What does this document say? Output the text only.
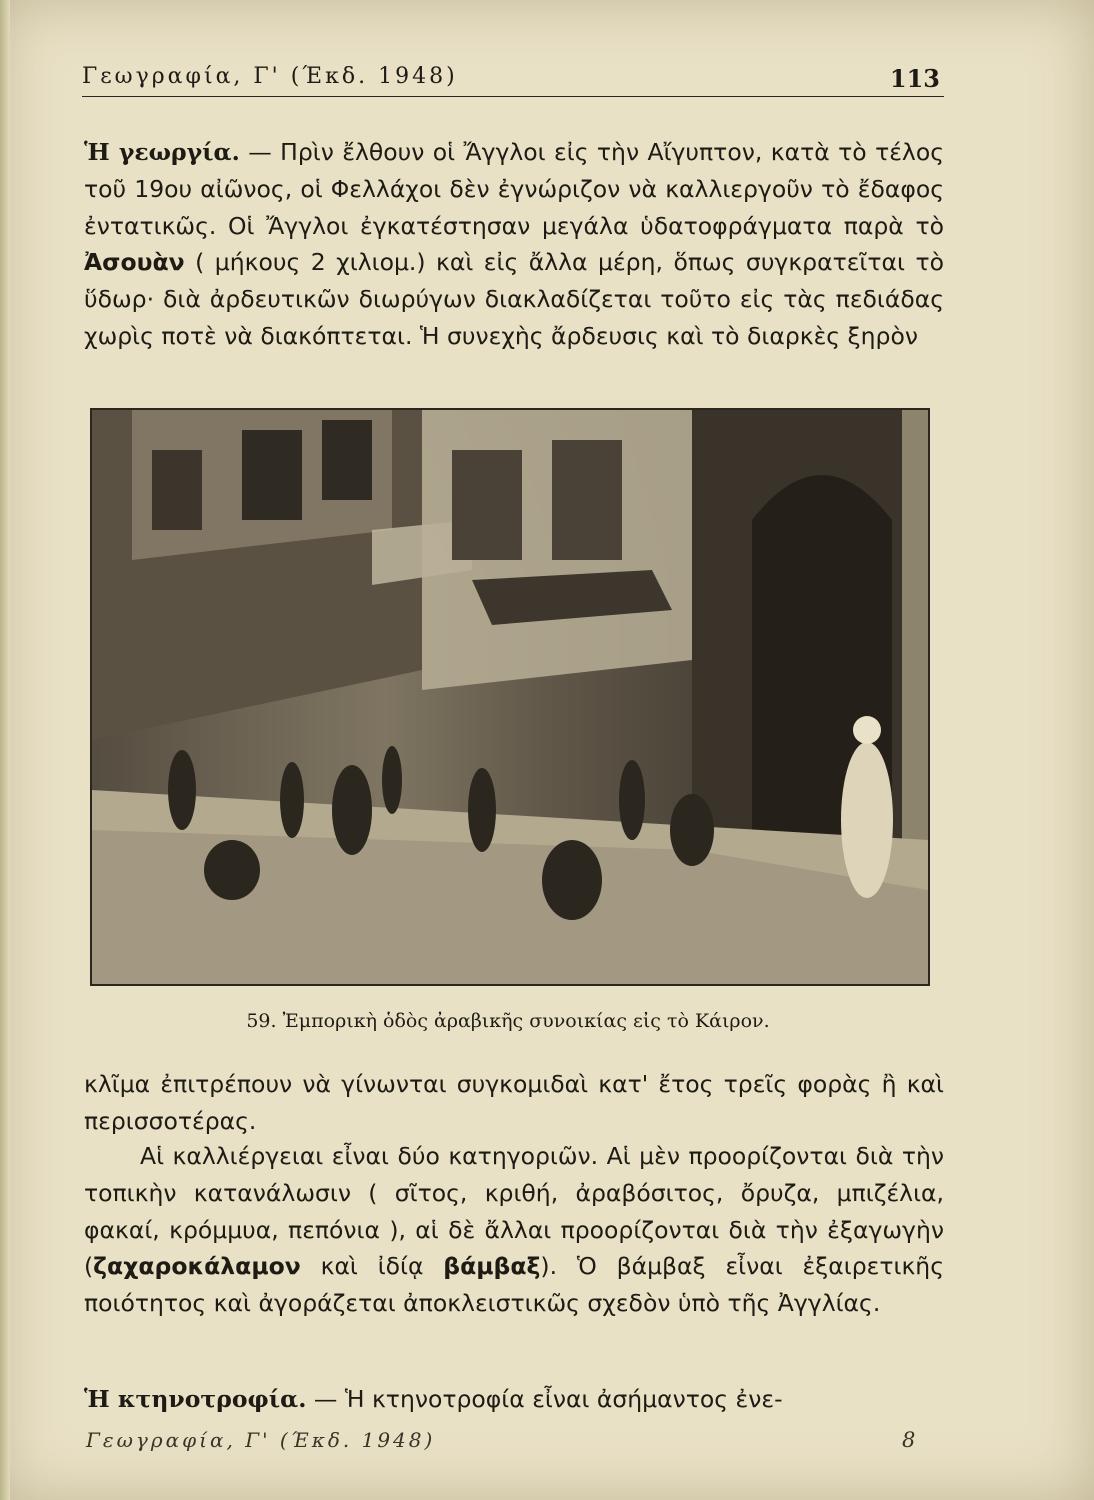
Γεωγραφία, Γ' (Έκδ. 1948)	113
Ἡ γεωργία. — Πρὶν ἔλθουν οἱ Ἄγγλοι εἰς τὴν Αἴγυπτον, κατὰ τὸ τέλος τοῦ 19ου αἰῶνος, οἱ Φελλάχοι δὲν ἐγνώριζον νὰ καλλιεργοῦν τὸ ἔδαφος ἐντατικῶς. Οἱ Ἄγγλοι ἐγκατέστησαν μεγάλα ὑδατοφράγματα παρὰ τὸ Ἀσουὰν ( μήκους 2 χιλιομ.) καὶ εἰς ἄλλα μέρη, ὅπως συγκρατεῖται τὸ ὕδωρ· διὰ ἀρδευτικῶν διωρύγων διακλαδίζεται τοῦτο εἰς τὰς πεδιάδας χωρὶς ποτὲ νὰ διακόπτεται. Ἡ συνεχὴς ἄρδευσις καὶ τὸ διαρκὲς ξηρὸν
59. Ἐμπορικὴ ὁδὸς ἀραβικῆς συνοικίας εἰς τὸ Κάιρον.
κλῖμα ἐπιτρέπουν νὰ γίνωνται συγκομιδαὶ κατ' ἔτος τρεῖς φορὰς ἢ καὶ περισσοτέρας.
Αἱ καλλιέργειαι εἶναι δύο κατηγοριῶν. Αἱ μὲν προορίζονται διὰ τὴν τοπικὴν κατανάλωσιν ( σῖτος, κριθή, ἀραβόσιτος, ὄρυζα, μπιζέλια, φακαί, κρόμμυα, πεπόνια ), αἱ δὲ ἄλλαι προορίζονται διὰ τὴν ἐξαγωγὴν (ζαχαροκάλαμον καὶ ἰδίᾳ βάμβαξ). Ὁ βάμβαξ εἶναι ἐξαιρετικῆς ποιότητος καὶ ἀγοράζεται ἀποκλειστικῶς σχεδὸν ὑπὸ τῆς Ἀγγλίας.
Ἡ κτηνοτροφία. — Ἡ κτηνοτροφία εἶναι ἀσήμαντος ἐνε-
Γεωγραφία, Γ' (Έκδ. 1948)	8
